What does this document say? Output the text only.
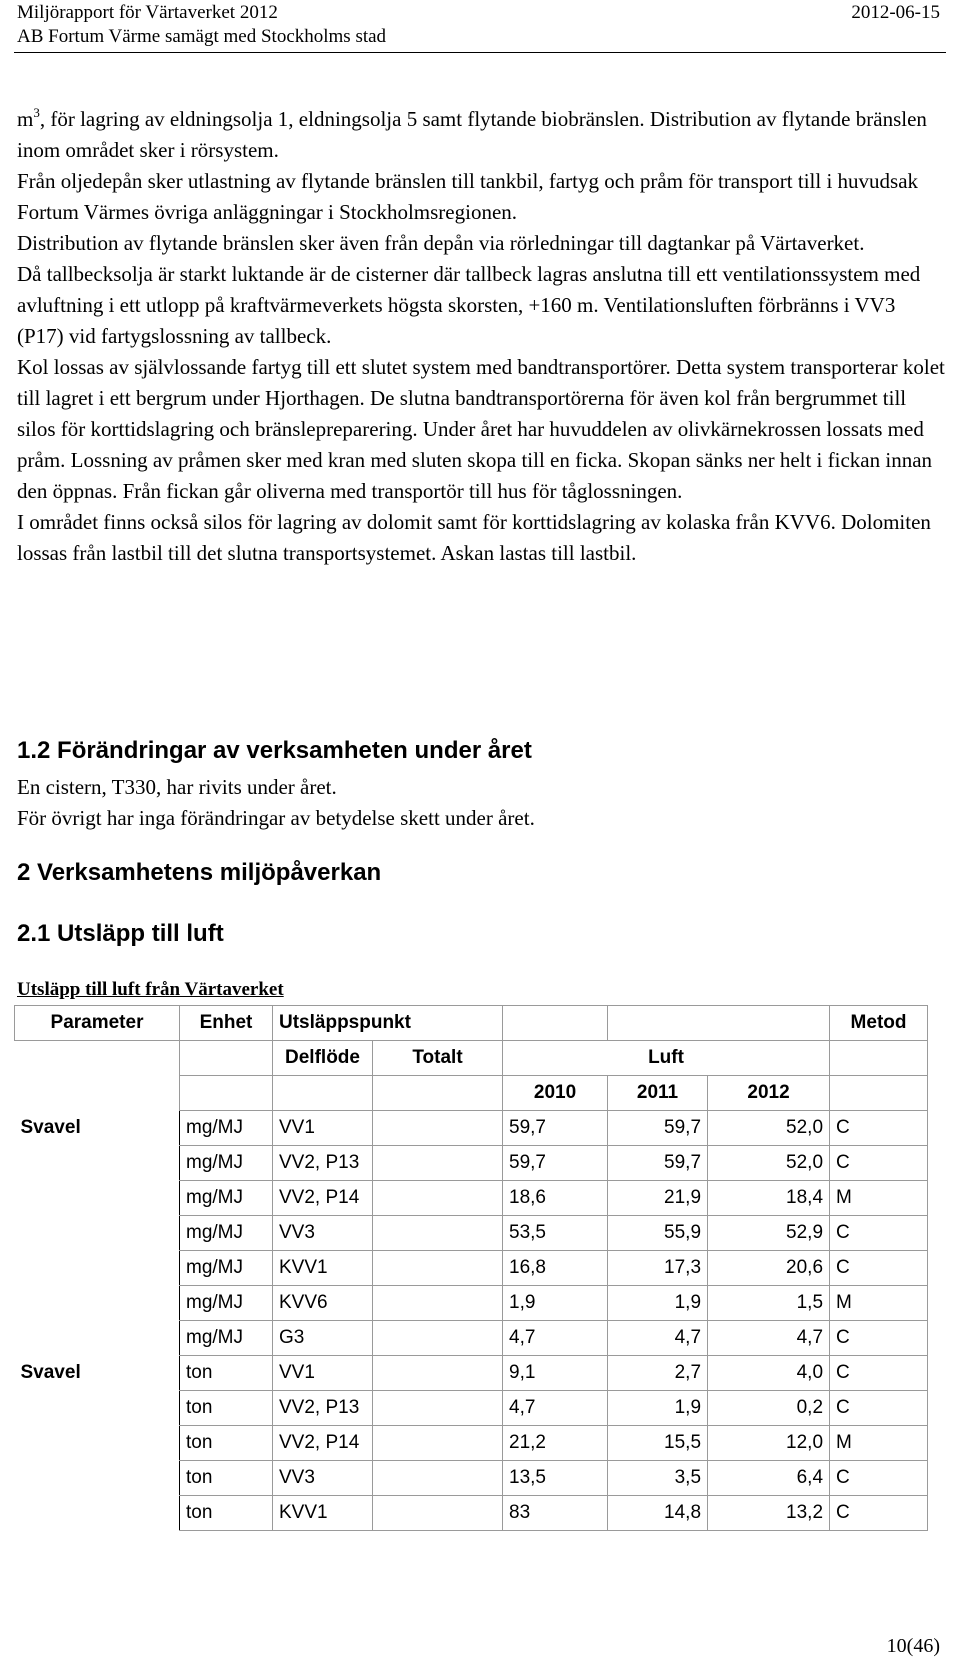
Miljörapport för Värtaverket 2012	2012-06-15
AB Fortum Värme samägt med Stockholms stad

$m^3$, för lagring av eldningsolja 1, eldningsolja 5 samt flytande biobränslen. Distribution av flytande bränslen inom området sker i rörsystem.

Från oljedepån sker utlastning av flytande bränslen till tankbil, fartyg och pråm för transport till i huvudsak Fortum Värmes övriga anläggningar i Stockholmsregionen.

Distribution av flytande bränslen sker även från depån via rörledningar till dagtankar på Värtaverket.

Då tallbecksolja är starkt luktande är de cisterner där tallbeck lagras anslutna till ett ventilationssystem med avluftning i ett utlopp på kraftvärmeverkets högsta skorsten, +160 m. Ventilationsluften förbränns i VV3 (P17) vid fartygslossning av tallbeck.

Kol lossas av självlossande fartyg till ett slutet system med bandtransportörer. Detta system transporterar kolet till lagret i ett bergrum under Hjorthagen. De slutna bandtransportörerna för även kol från bergrummet till silos för korttidslagring och bränslepreparering. Under året har huvuddelen av olivkärnekrossen lossats med pråm. Lossning av pråmen sker med kran med sluten skopa till en ficka. Skopan sänks ner helt i fickan innan den öppnas. Från fickan går oliverna med transportör till hus för tåglossningen.

I området finns också silos för lagring av dolomit samt för korttidslagring av kolaska från KVV6. Dolomiten lossas från lastbil till det slutna transportsystemet. Askan lastas till lastbil.

1.2 Förändringar av verksamheten under året
En cistern, T330, har rivits under året.
För övrigt har inga förändringar av betydelse skett under året.
2 Verksamhetens miljöpåverkan
2.1 Utsläpp till luft
Utsläpp till luft från Värtaverket
Parameter	Enhet	Utsläppspunkt					Metod
		Delflöde	Totalt	Luft			
				2010	2011	2012	
Svavel	mg/MJ	VV1		59,7	59,7	52,0	C
	mg/MJ	VV2, P13		59,7	59,7	52,0	C
	mg/MJ	VV2, P14		18,6	21,9	18,4	M
	mg/MJ	VV3		53,5	55,9	52,9	C
	mg/MJ	KVV1		16,8	17,3	20,6	C
	mg/MJ	KVV6		1,9	1,9	1,5	M
	mg/MJ	G3		4,7	4,7	4,7	C
Svavel	ton	VV1		9,1	2,7	4,0	C
	ton	VV2, P13		4,7	1,9	0,2	C
	ton	VV2, P14		21,2	15,5	12,0	M
	ton	VV3		13,5	3,5	6,4	C
	ton	KVV1		83	14,8	13,2	C
10(46)
